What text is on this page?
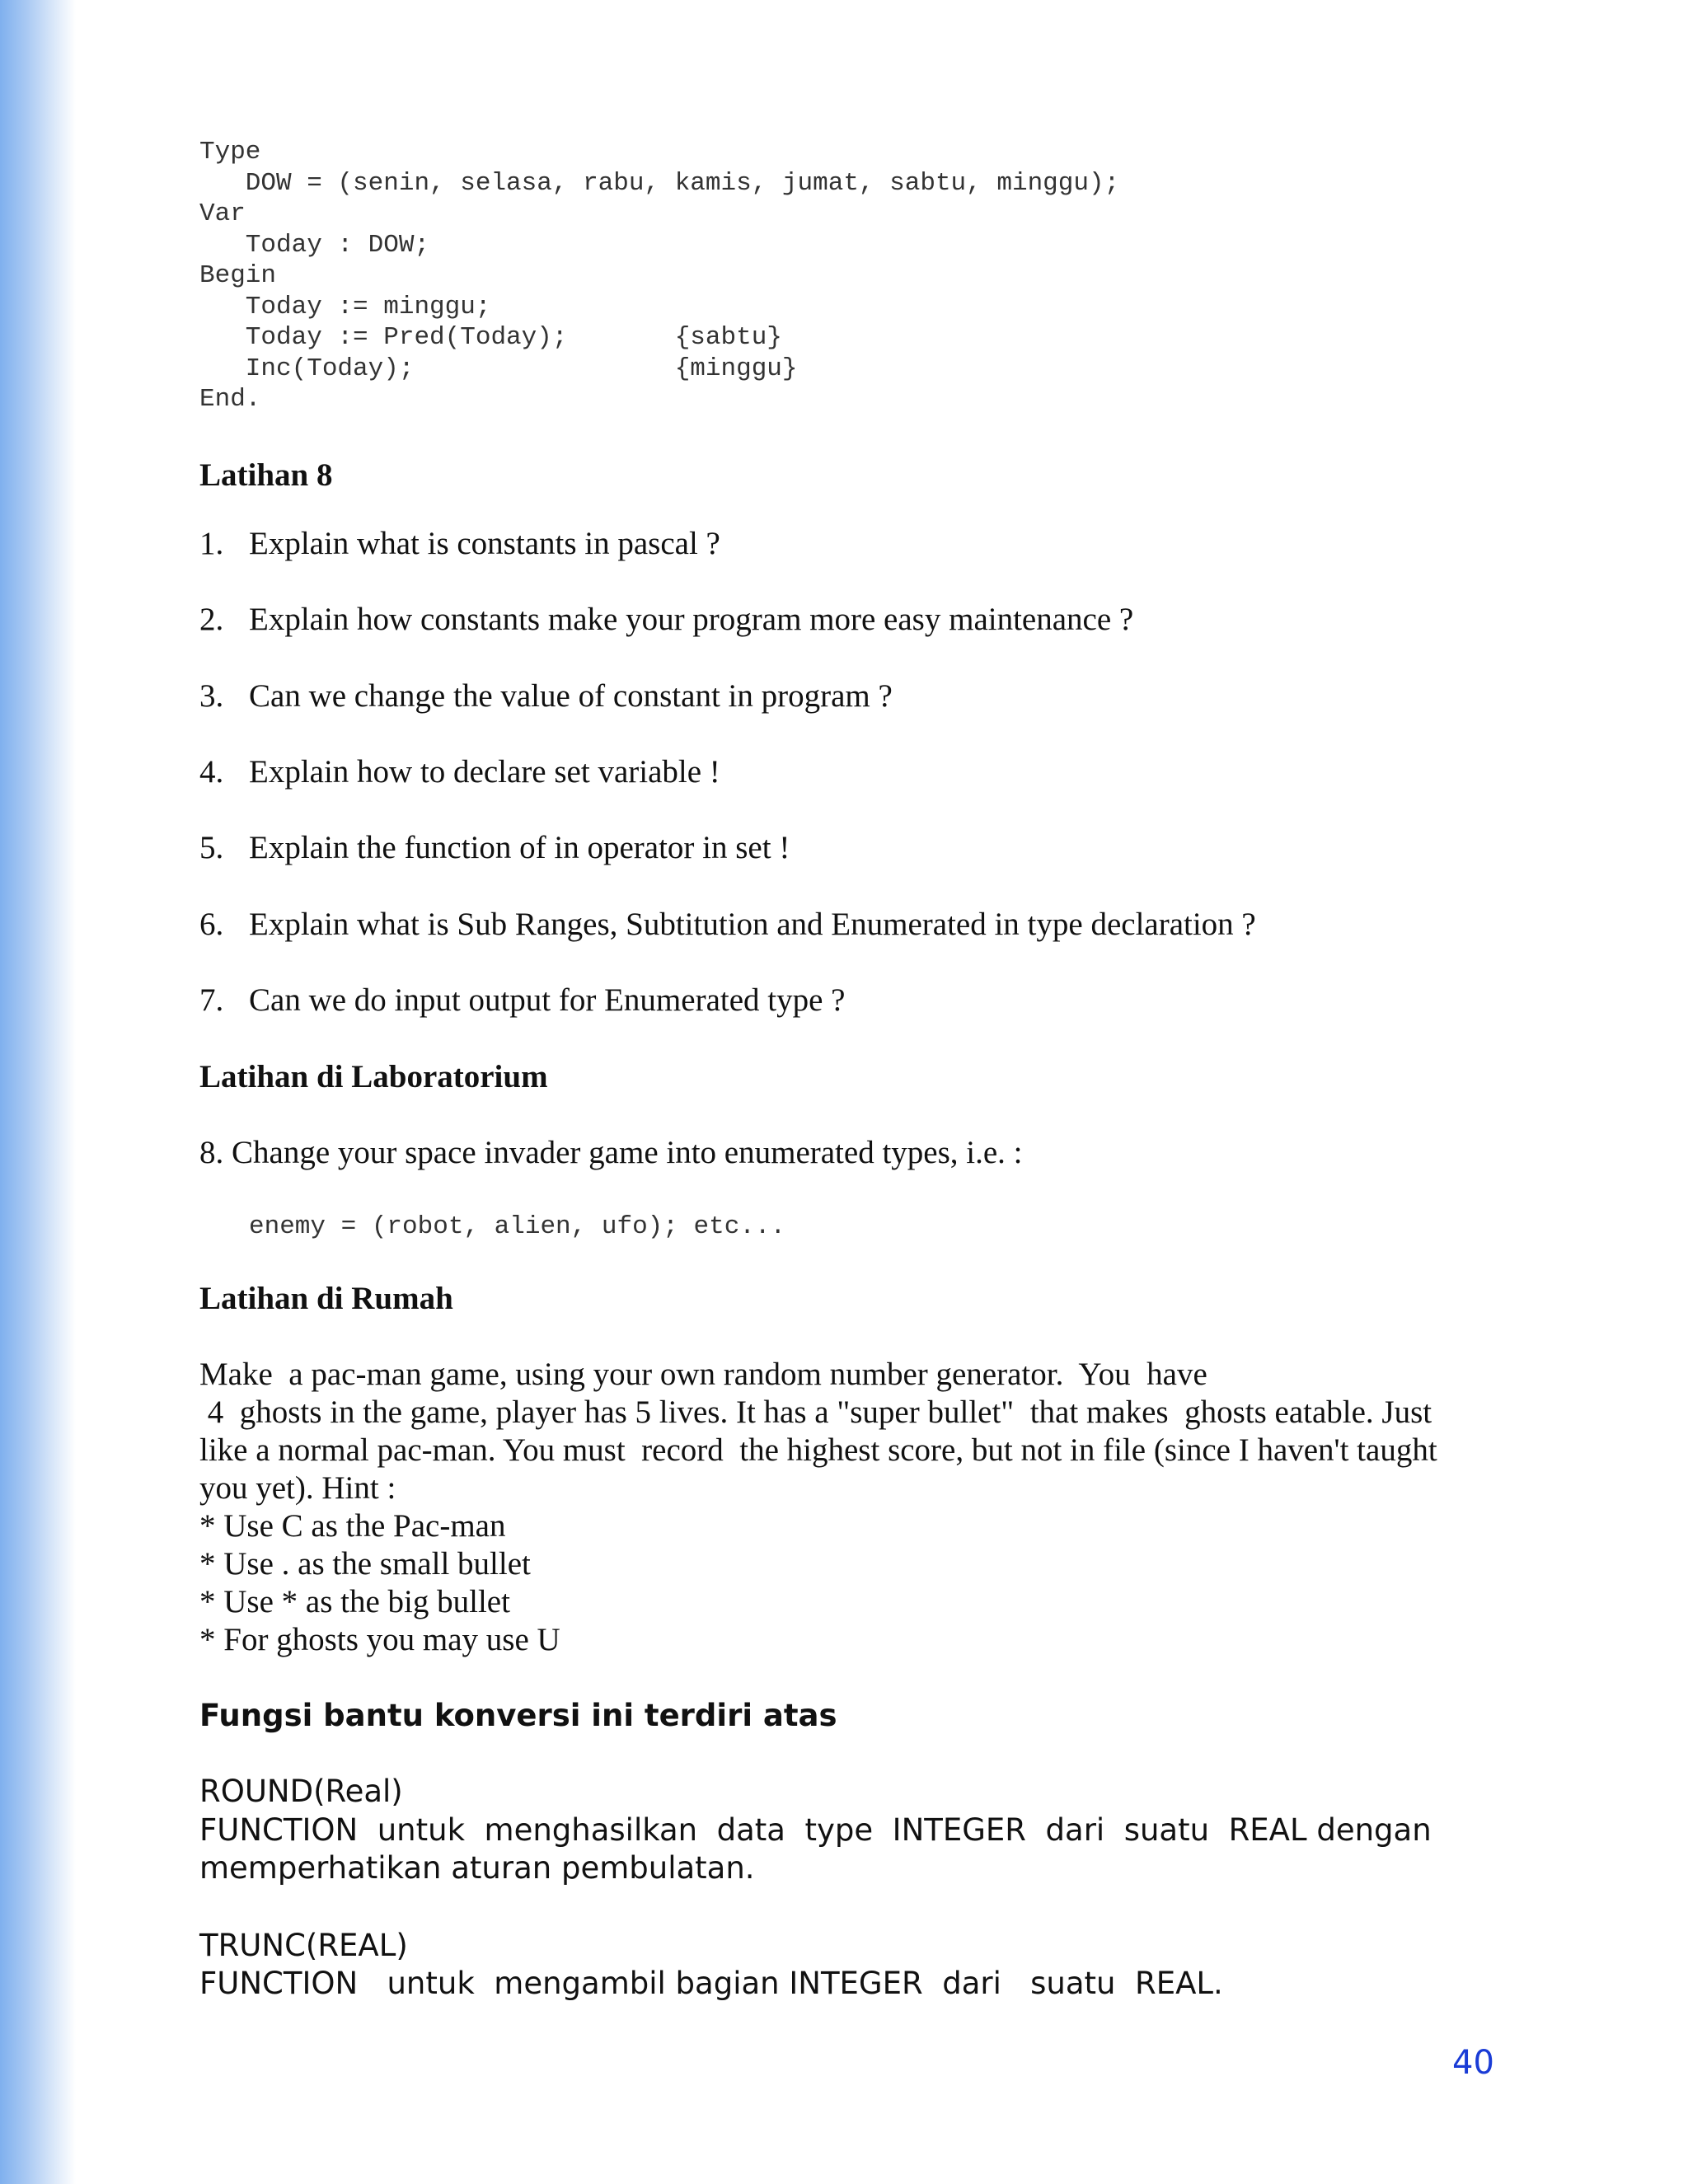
Type
DOW = (senin, selasa, rabu, kamis, jumat, sabtu, minggu);
Var
Today : DOW;
Begin
Today := minggu;
Today := Pred(Today);       {sabtu}
Inc(Today);                 {minggu}
End.
Latihan 8
1. Explain what is constants in pascal ?
2. Explain how constants make your program more easy maintenance ?
3. Can we change the value of constant in program ?
4. Explain how to declare set variable !
5. Explain the function of in operator in set !
6. Explain what is Sub Ranges, Subtitution and Enumerated in type declaration ?
7. Can we do input output for Enumerated type ?
Latihan di Laboratorium
8. Change your space invader game into enumerated types, i.e. :
enemy = (robot, alien, ufo); etc...
Latihan di Rumah
Make  a pac-man game, using your own random number generator.  You  have
4  ghosts in the game, player has 5 lives. It has a "super bullet"  that makes  ghosts eatable. Just
like a normal pac-man. You must  record  the highest score, but not in file (since I haven't taught
you yet). Hint :
* Use C as the Pac-man
* Use . as the small bullet
* Use * as the big bullet
* For ghosts you may use U
Fungsi bantu konversi ini terdiri atas
ROUND(Real)
FUNCTION  untuk  menghasilkan  data  type  INTEGER  dari  suatu  REAL dengan
memperhatikan aturan pembulatan.
TRUNC(REAL)
FUNCTION   untuk  mengambil bagian INTEGER  dari   suatu  REAL.
40
